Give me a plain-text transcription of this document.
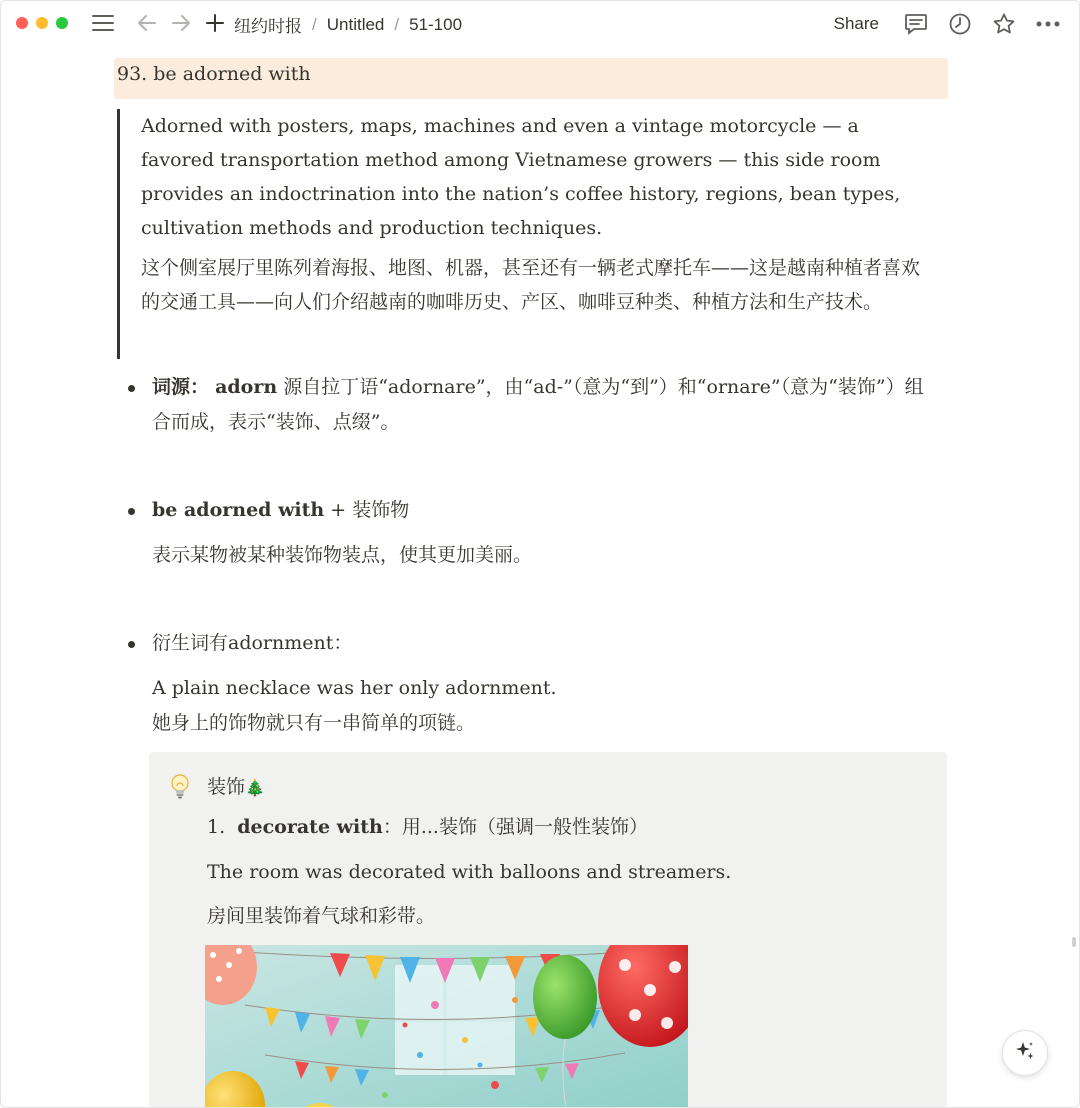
纽约时报 / Untitled / 51-100	Share
93. be adorned with

Adorned with posters, maps, machines and even a vintage motorcycle — a favored transportation method among Vietnamese growers — this side room provides an indoctrination into the nation’s coffee history, regions, bean types, cultivation methods and production techniques.

这个侧室展厅里陈列着海报、地图、机器，甚至还有一辆老式摩托车——这是越南种植者喜欢的交通工具——向人们介绍越南的咖啡历史、产区、咖啡豆种类、种植方法和生产技术。

词源： adorn 源自拉丁语“adornare”，由“ad-”（意为“到”）和“ornare”（意为“装饰”）组合而成，表示“装饰、点缀”。
be adorned with + 装饰物
表示某物被某种装饰物装点，使其更加美丽。
衍生词有adornment：
A plain necklace was her only adornment.
她身上的饰物就只有一串简单的项链。
装饰🎄
1. decorate with：用...装饰（强调一般性装饰）
The room was decorated with balloons and streamers.
房间里装饰着气球和彩带。
